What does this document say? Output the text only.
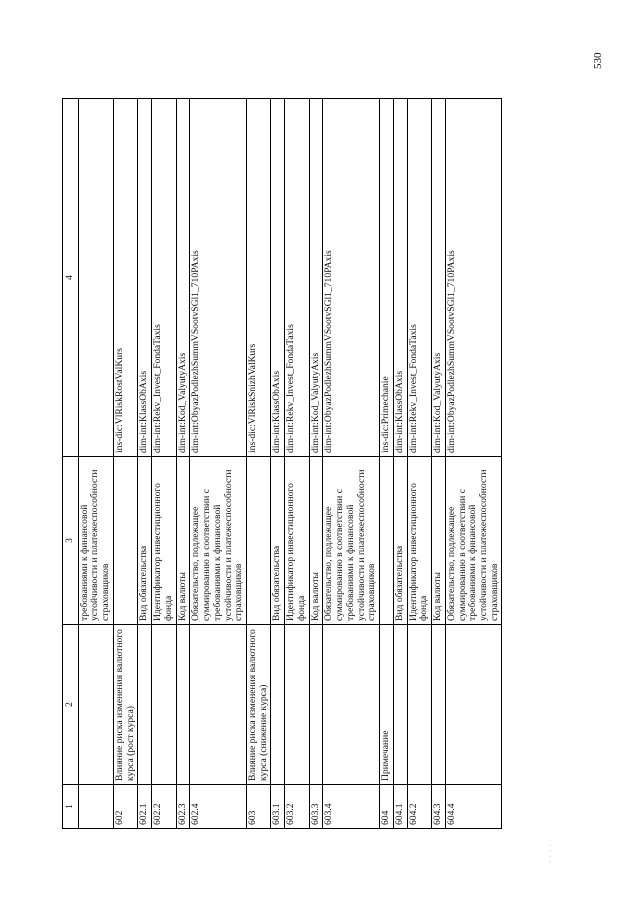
1	2	3	4
		требованиями к финансовой устойчивости и платежеспособности страховщиков	
602	Влияние риска изменения валютного курса (рост курса)		ins-dic:VlRiskRostValKurs
602.1		Вид обязательства	dim-int:KlassObAxis
602.2		Идентификатор инвестиционного фонда	dim-int:Rekv_Invest_FondaTaxis
602.3		Код валюты	dim-int:Kod_ValyutyAxis
602.4		Обязательство, подлежащее суммированию в соответствии с требованиями к финансовой устойчивости и платежеспособности страховщиков	dim-int:ObyazPodlezhSummVSootvSGl1_710PAxis
603	Влияние риска изменения валютного курса (снижение курса)		ins-dic:VlRiskSnizhValKurs
603.1		Вид обязательства	dim-int:KlassObAxis
603.2		Идентификатор инвестиционного фонда	dim-int:Rekv_Invest_FondaTaxis
603.3		Код валюты	dim-int:Kod_ValyutyAxis
603.4		Обязательство, подлежащее суммированию в соответствии с требованиями к финансовой устойчивости и платежеспособности страховщиков	dim-int:ObyazPodlezhSummVSootvSGl1_710PAxis
604	Примечание		ins-dic:Primechanie
604.1		Вид обязательства	dim-int:KlassObAxis
604.2		Идентификатор инвестиционного фонда	dim-int:Rekv_Invest_FondaTaxis
604.3		Код валюты	dim-int:Kod_ValyutyAxis
604.4		Обязательство, подлежащее суммированию в соответствии с требованиями к финансовой устойчивости и платежеспособности страховщиков	dim-int:ObyazPodlezhSummVSootvSGl1_710PAxis
530
· · · ·
